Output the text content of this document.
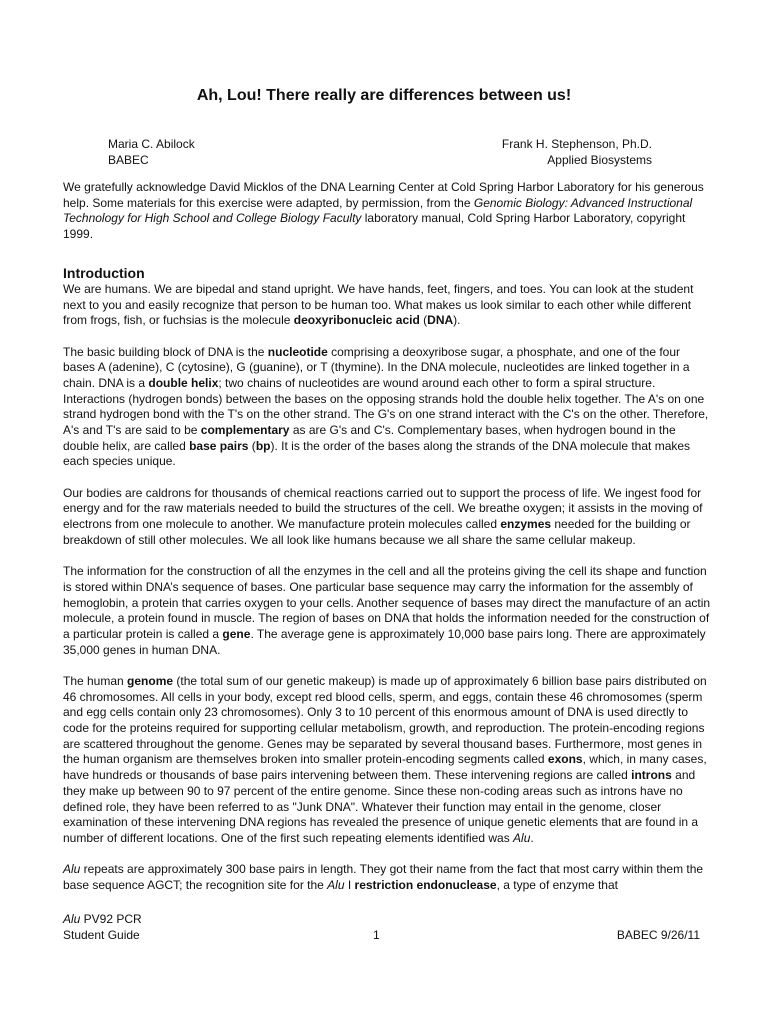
Ah, Lou! There really are differences between us!
Maria C. Abilock
BABEC
Frank H. Stephenson, Ph.D.
Applied Biosystems

We gratefully acknowledge David Micklos of the DNA Learning Center at Cold Spring Harbor Laboratory for his generous help. Some materials for this exercise were adapted, by permission, from the Genomic Biology: Advanced Instructional Technology for High School and College Biology Faculty laboratory manual, Cold Spring Harbor Laboratory, copyright 1999.

Introduction

We are humans. We are bipedal and stand upright. We have hands, feet, fingers, and toes. You can look at the student next to you and easily recognize that person to be human too. What makes us look similar to each other while different from frogs, fish, or fuchsias is the molecule deoxyribonucleic acid (DNA).

The basic building block of DNA is the nucleotide comprising a deoxyribose sugar, a phosphate, and one of the four bases A (adenine), C (cytosine), G (guanine), or T (thymine). In the DNA molecule, nucleotides are linked together in a chain. DNA is a double helix; two chains of nucleotides are wound around each other to form a spiral structure. Interactions (hydrogen bonds) between the bases on the opposing strands hold the double helix together. The A's on one strand hydrogen bond with the T's on the other strand. The G's on one strand interact with the C's on the other. Therefore, A's and T's are said to be complementary as are G's and C's. Complementary bases, when hydrogen bound in the double helix, are called base pairs (bp). It is the order of the bases along the strands of the DNA molecule that makes each species unique.

Our bodies are caldrons for thousands of chemical reactions carried out to support the process of life. We ingest food for energy and for the raw materials needed to build the structures of the cell. We breathe oxygen; it assists in the moving of electrons from one molecule to another. We manufacture protein molecules called enzymes needed for the building or breakdown of still other molecules. We all look like humans because we all share the same cellular makeup.

The information for the construction of all the enzymes in the cell and all the proteins giving the cell its shape and function is stored within DNA’s sequence of bases. One particular base sequence may carry the information for the assembly of hemoglobin, a protein that carries oxygen to your cells. Another sequence of bases may direct the manufacture of an actin molecule, a protein found in muscle. The region of bases on DNA that holds the information needed for the construction of a particular protein is called a gene. The average gene is approximately 10,000 base pairs long. There are approximately 35,000 genes in human DNA.

The human genome (the total sum of our genetic makeup) is made up of approximately 6 billion base pairs distributed on 46 chromosomes. All cells in your body, except red blood cells, sperm, and eggs, contain these 46 chromosomes (sperm and egg cells contain only 23 chromosomes). Only 3 to 10 percent of this enormous amount of DNA is used directly to code for the proteins required for supporting cellular metabolism, growth, and reproduction. The protein-encoding regions are scattered throughout the genome. Genes may be separated by several thousand bases. Furthermore, most genes in the human organism are themselves broken into smaller protein-encoding segments called exons, which, in many cases, have hundreds or thousands of base pairs intervening between them. These intervening regions are called introns and they make up between 90 to 97 percent of the entire genome. Since these non-coding areas such as introns have no defined role, they have been referred to as "Junk DNA". Whatever their function may entail in the genome, closer examination of these intervening DNA regions has revealed the presence of unique genetic elements that are found in a number of different locations. One of the first such repeating elements identified was Alu.

Alu repeats are approximately 300 base pairs in length. They got their name from the fact that most carry within them the base sequence AGCT; the recognition site for the Alu I restriction endonuclease, a type of enzyme that

Alu PV92 PCR
Student Guide	1	BABEC 9/26/11
